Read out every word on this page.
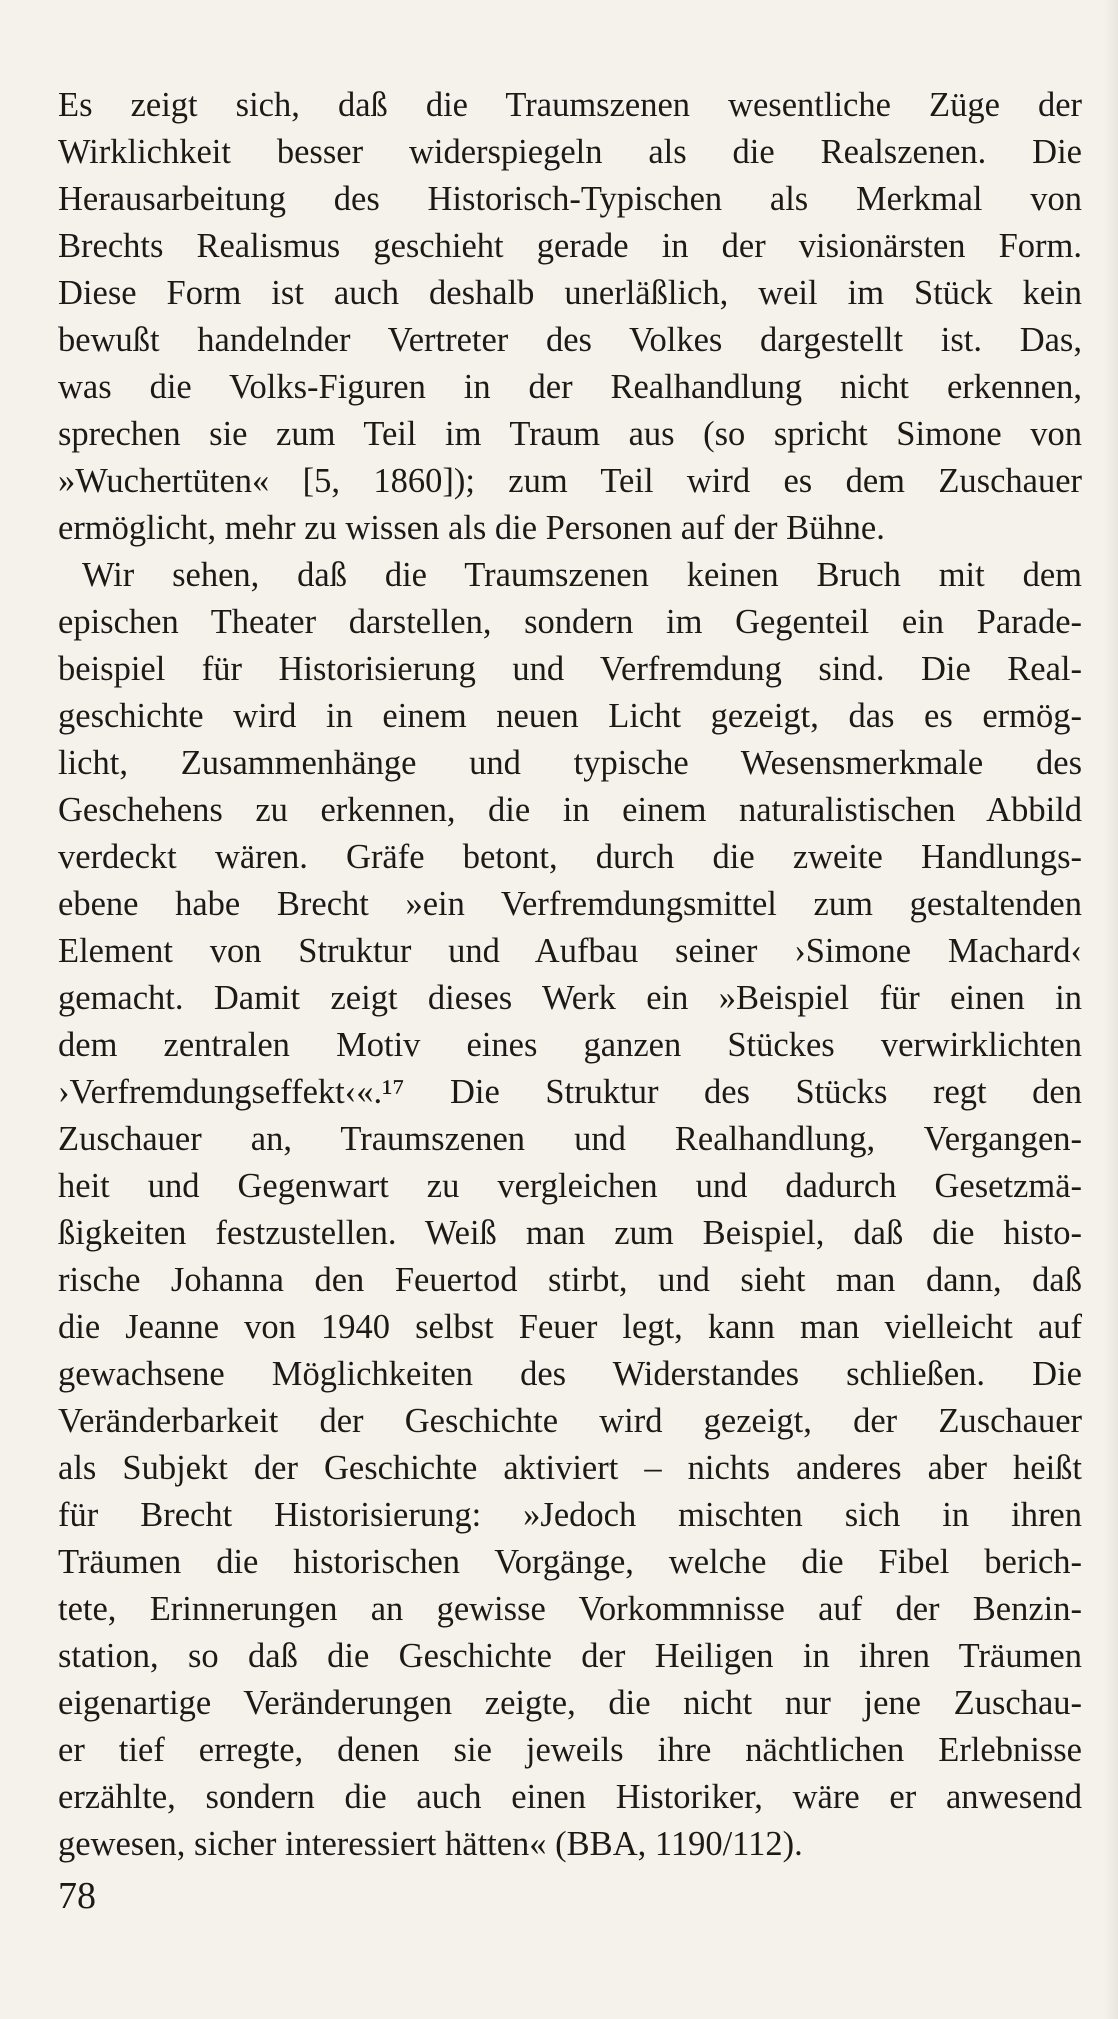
Es zeigt sich, daß die Traumszenen wesentliche Züge der
Wirklichkeit besser widerspiegeln als die Realszenen. Die
Herausarbeitung des Historisch-Typischen als Merkmal von
Brechts Realismus geschieht gerade in der visionärsten Form.
Diese Form ist auch deshalb unerläßlich, weil im Stück kein
bewußt handelnder Vertreter des Volkes dargestellt ist. Das,
was die Volks-Figuren in der Realhandlung nicht erkennen,
sprechen sie zum Teil im Traum aus (so spricht Simone von
»Wuchertüten« [5, 1860]); zum Teil wird es dem Zuschauer
ermöglicht, mehr zu wissen als die Personen auf der Bühne.
Wir sehen, daß die Traumszenen keinen Bruch mit dem
epischen Theater darstellen, sondern im Gegenteil ein Parade-
beispiel für Historisierung und Verfremdung sind. Die Real-
geschichte wird in einem neuen Licht gezeigt, das es ermög-
licht, Zusammenhänge und typische Wesensmerkmale des
Geschehens zu erkennen, die in einem naturalistischen Abbild
verdeckt wären. Gräfe betont, durch die zweite Handlungs-
ebene habe Brecht »ein Verfremdungsmittel zum gestaltenden
Element von Struktur und Aufbau seiner ›Simone Machard‹
gemacht. Damit zeigt dieses Werk ein »Beispiel für einen in
dem zentralen Motiv eines ganzen Stückes verwirklichten
›Verfremdungseffekt‹«.¹⁷ Die Struktur des Stücks regt den
Zuschauer an, Traumszenen und Realhandlung, Vergangen-
heit und Gegenwart zu vergleichen und dadurch Gesetzmä-
ßigkeiten festzustellen. Weiß man zum Beispiel, daß die histo-
rische Johanna den Feuertod stirbt, und sieht man dann, daß
die Jeanne von 1940 selbst Feuer legt, kann man vielleicht auf
gewachsene Möglichkeiten des Widerstandes schließen. Die
Veränderbarkeit der Geschichte wird gezeigt, der Zuschauer
als Subjekt der Geschichte aktiviert – nichts anderes aber heißt
für Brecht Historisierung: »Jedoch mischten sich in ihren
Träumen die historischen Vorgänge, welche die Fibel berich-
tete, Erinnerungen an gewisse Vorkommnisse auf der Benzin-
station, so daß die Geschichte der Heiligen in ihren Träumen
eigenartige Veränderungen zeigte, die nicht nur jene Zuschau-
er tief erregte, denen sie jeweils ihre nächtlichen Erlebnisse
erzählte, sondern die auch einen Historiker, wäre er anwesend
gewesen, sicher interessiert hätten« (BBA, 1190/112).
78
